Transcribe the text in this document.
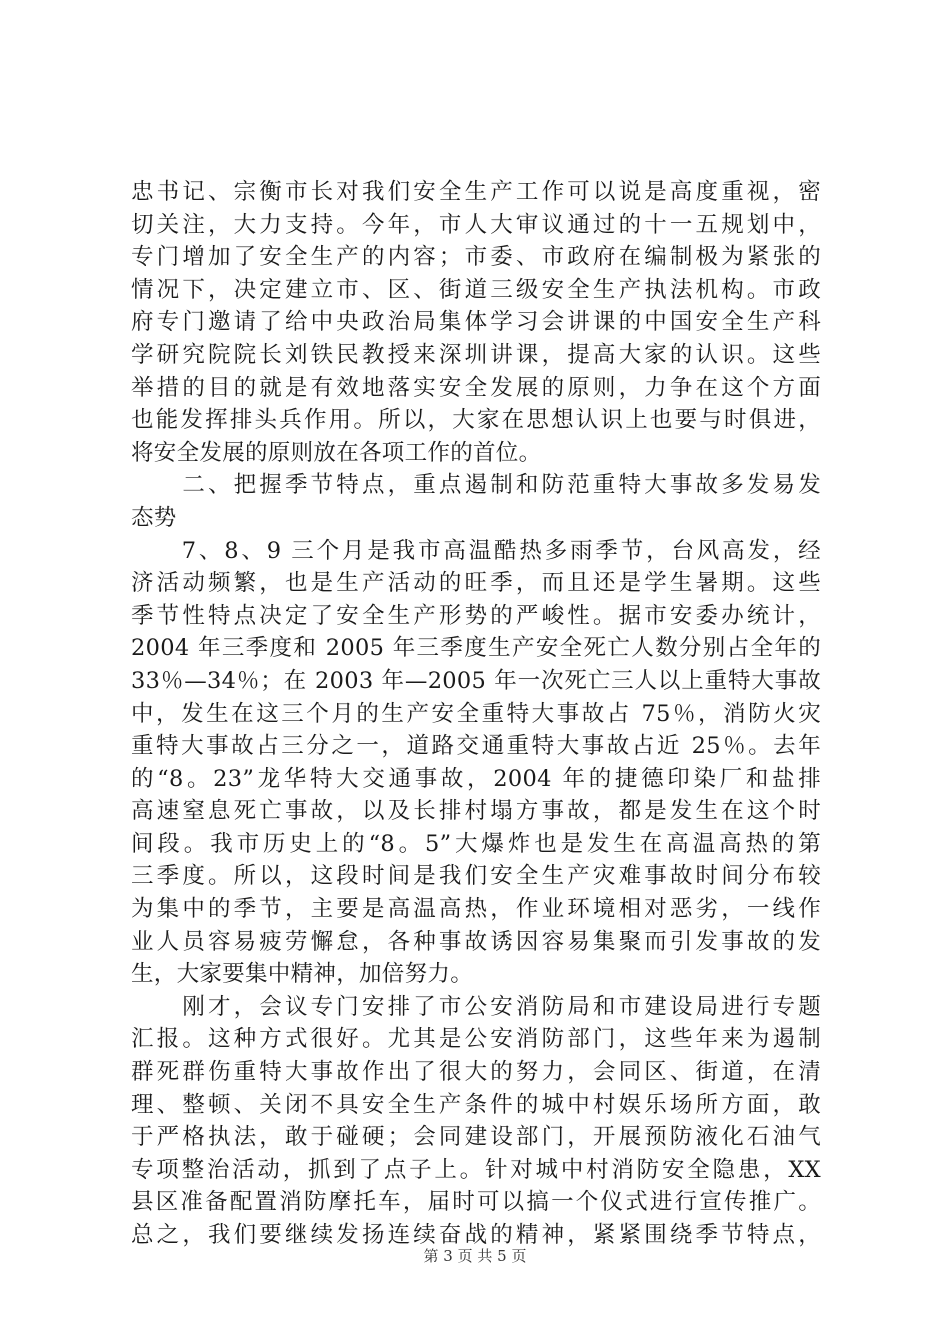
忠书记、宗衡市长对我们安全生产工作可以说是高度重视，密
切关注，大力支持。今年，市人大审议通过的十一五规划中，
专门增加了安全生产的内容；市委、市政府在编制极为紧张的
情况下，决定建立市、区、街道三级安全生产执法机构。市政
府专门邀请了给中央政治局集体学习会讲课的中国安全生产科
学研究院院长刘铁民教授来深圳讲课，提高大家的认识。这些
举措的目的就是有效地落实安全发展的原则，力争在这个方面
也能发挥排头兵作用。所以，大家在思想认识上也要与时俱进，
将安全发展的原则放在各项工作的首位。
　　二、把握季节特点，重点遏制和防范重特大事故多发易发
态势
　　7、8、9 三个月是我市高温酷热多雨季节，台风高发，经
济活动频繁，也是生产活动的旺季，而且还是学生暑期。这些
季节性特点决定了安全生产形势的严峻性。据市安委办统计，
2004 年三季度和 2005 年三季度生产安全死亡人数分别占全年的
33％—34％；在 2003 年—2005 年一次死亡三人以上重特大事故
中，发生在这三个月的生产安全重特大事故占 75％，消防火灾
重特大事故占三分之一，道路交通重特大事故占近 25％。去年
的“8。23”龙华特大交通事故，2004 年的捷德印染厂和盐排
高速窒息死亡事故，以及长排村塌方事故，都是发生在这个时
间段。我市历史上的“8。5”大爆炸也是发生在高温高热的第
三季度。所以，这段时间是我们安全生产灾难事故时间分布较
为集中的季节，主要是高温高热，作业环境相对恶劣，一线作
业人员容易疲劳懈怠，各种事故诱因容易集聚而引发事故的发
生，大家要集中精神，加倍努力。
　　刚才，会议专门安排了市公安消防局和市建设局进行专题
汇报。这种方式很好。尤其是公安消防部门，这些年来为遏制
群死群伤重特大事故作出了很大的努力，会同区、街道，在清
理、整顿、关闭不具安全生产条件的城中村娱乐场所方面，敢
于严格执法，敢于碰硬；会同建设部门，开展预防液化石油气
专项整治活动，抓到了点子上。针对城中村消防安全隐患，XX
县区准备配置消防摩托车，届时可以搞一个仪式进行宣传推广。
总之，我们要继续发扬连续奋战的精神，紧紧围绕季节特点，
第 3 页 共 5 页
